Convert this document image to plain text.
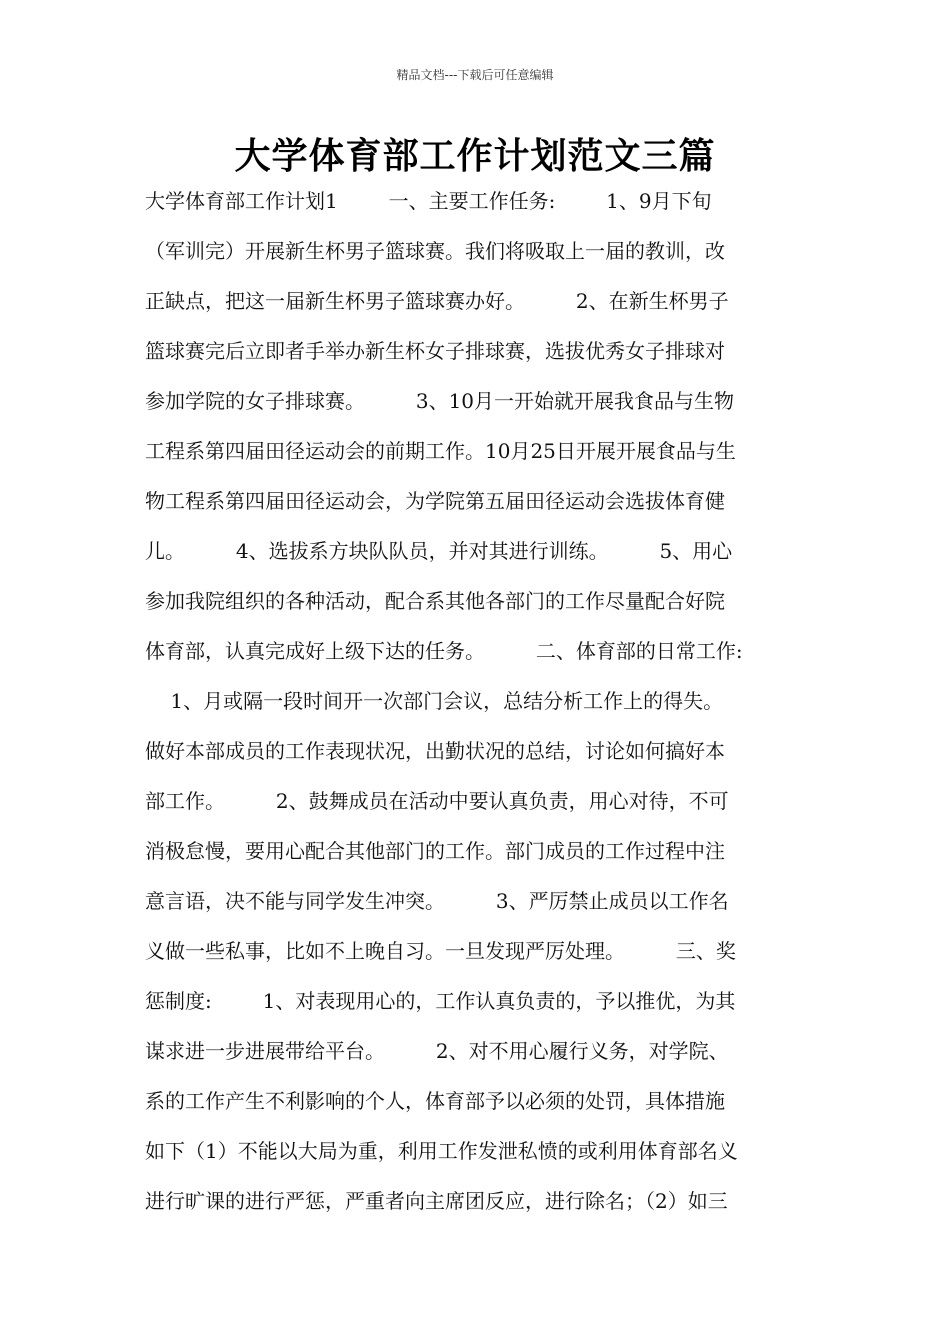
精品文档---下载后可任意编辑
大学体育部工作计划范文三篇
大学体育部工作计划1        一、主要工作任务:        1、9月下旬
（军训完）开展新生杯男子篮球赛。我们将吸取上一届的教训，改
正缺点，把这一届新生杯男子篮球赛办好。        2、在新生杯男子
篮球赛完后立即者手举办新生杯女子排球赛，选拔优秀女子排球对
参加学院的女子排球赛。        3、10月一开始就开展我食品与生物
工程系第四届田径运动会的前期工作。10月25日开展开展食品与生
物工程系第四届田径运动会，为学院第五届田径运动会选拔体育健
儿。        4、选拔系方块队队员，并对其进行训练。        5、用心
参加我院组织的各种活动，配合系其他各部门的工作尽量配合好院
体育部，认真完成好上级下达的任务。        二、体育部的日常工作:
1、月或隔一段时间开一次部门会议，总结分析工作上的得失。
做好本部成员的工作表现状况，出勤状况的总结，讨论如何搞好本
部工作。        2、鼓舞成员在活动中要认真负责，用心对待，不可
消极怠慢，要用心配合其他部门的工作。部门成员的工作过程中注
意言语，决不能与同学发生冲突。        3、严厉禁止成员以工作名
义做一些私事，比如不上晚自习。一旦发现严厉处理。        三、奖
惩制度:        1、对表现用心的，工作认真负责的，予以推优，为其
谋求进一步进展带给平台。        2、对不用心履行义务，对学院、
系的工作产生不利影响的个人，体育部予以必须的处罚，具体措施
如下（1）不能以大局为重，利用工作发泄私愤的或利用体育部名义
进行旷课的进行严惩，严重者向主席团反应，进行除名；（2）如三
